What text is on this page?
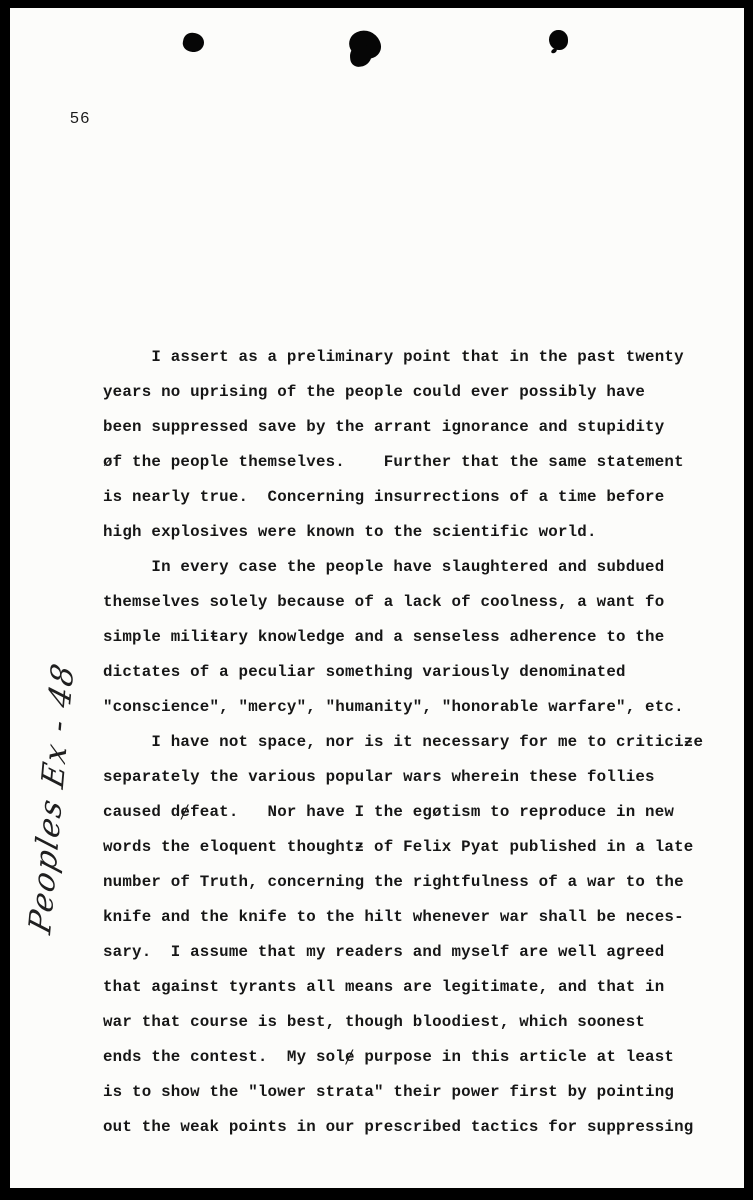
56
Peoples Ex - 48
I assert as a preliminary point that in the past twenty
years no uprising of the people could ever possibly have
been suppressed save by the arrant ignorance and stupidity
øf the people themselves.    Further that the same statement
is nearly true.  Concerning insurrections of a time before
high explosives were known to the scientific world.
In every case the people have slaughtered and subdued
themselves solely because of a lack of coolness, a want fo
simple miliŧary knowledge and a senseless adherence to the
dictates of a peculiar something variously denominated
"conscience", "mercy", "humanity", "honorable warfare", etc.
I have not space, nor is it necessary for me to criticiƶe
separately the various popular wars wherein these follies
caused dɇfeat.   Nor have I the egøtism to reproduce in new
words the eloquent thoughtƶ of Felix Pyat published in a late
number of Truth, concerning the rightfulness of a war to the
knife and the knife to the hilt whenever war shall be neces-
sary.  I assume that my readers and myself are well agreed
that against tyrants all means are legitimate, and that in
war that course is best, though bloodiest, which soonest
ends the contest.  My solɇ purpose in this article at least
is to show the "lower strata" their power first by pointing
out the weak points in our prescribed tactics for suppressing
